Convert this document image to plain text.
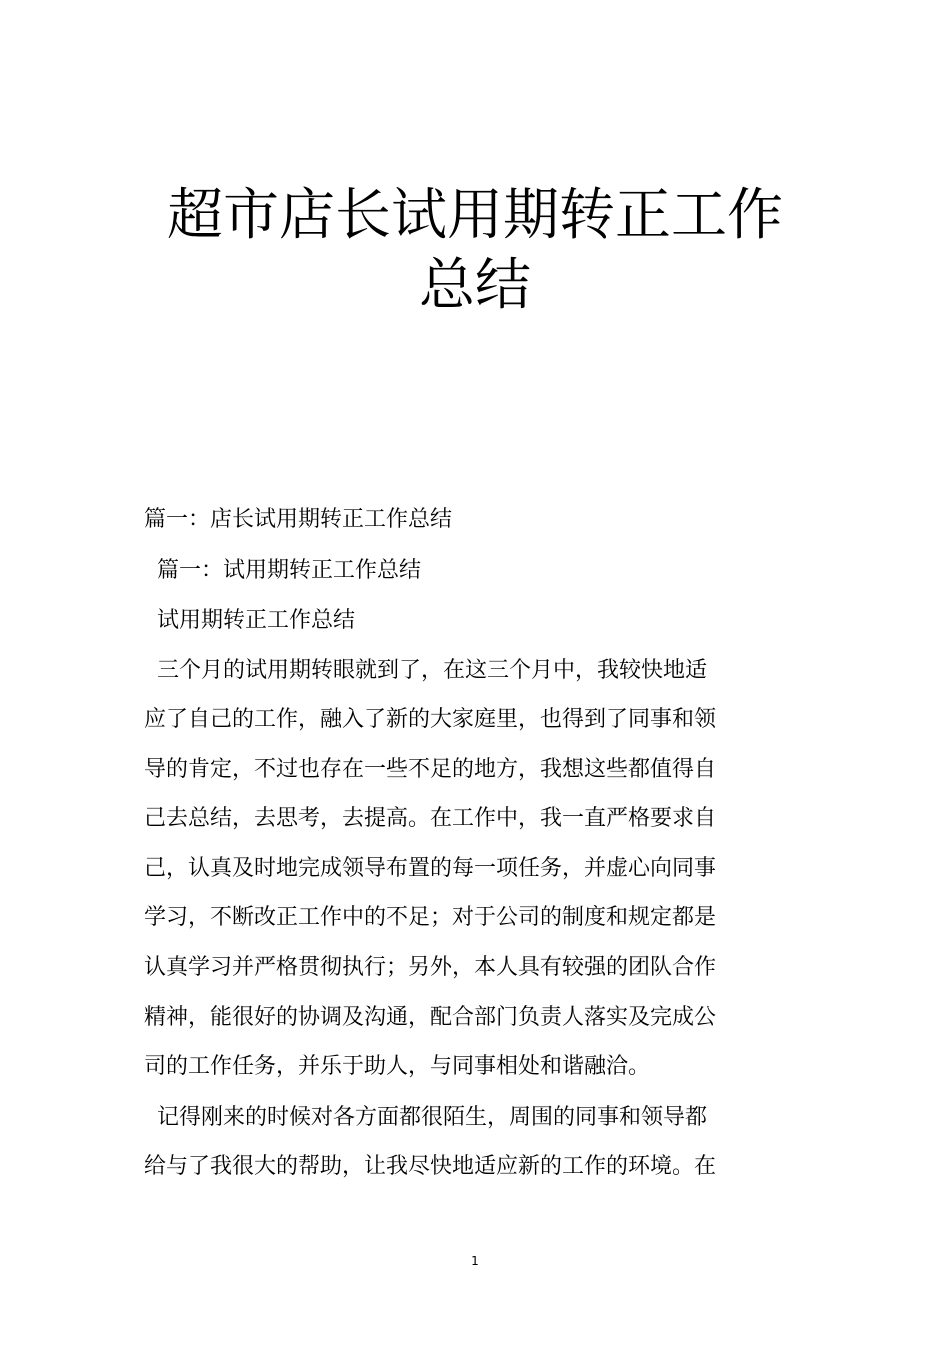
超市店长试用期转正工作
总结

篇一：店长试用期转正工作总结

篇一：试用期转正工作总结

试用期转正工作总结

三个月的试用期转眼就到了，在这三个月中，我较快地适

应了自己的工作，融入了新的大家庭里，也得到了同事和领

导的肯定，不过也存在一些不足的地方，我想这些都值得自

己去总结，去思考，去提高。在工作中，我一直严格要求自

己，认真及时地完成领导布置的每一项任务，并虚心向同事

学习，不断改正工作中的不足；对于公司的制度和规定都是

认真学习并严格贯彻执行；另外，本人具有较强的团队合作

精神，能很好的协调及沟通，配合部门负责人落实及完成公

司的工作任务，并乐于助人，与同事相处和谐融洽。

记得刚来的时候对各方面都很陌生，周围的同事和领导都

给与了我很大的帮助，让我尽快地适应新的工作的环境。在

1
